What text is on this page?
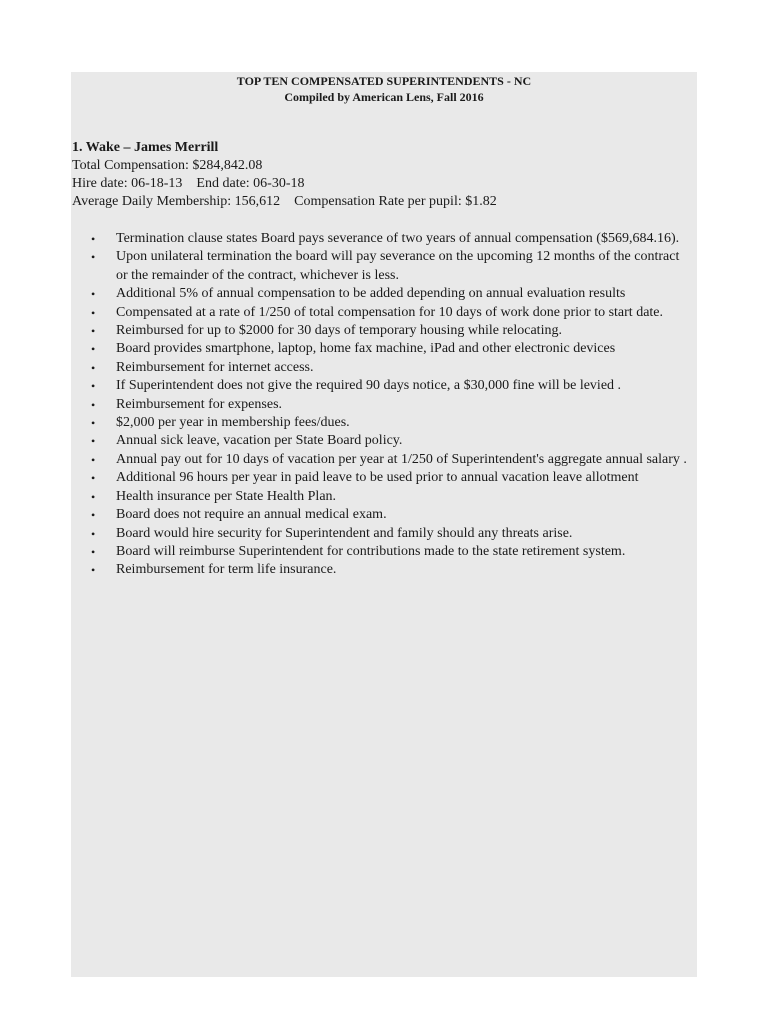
TOP TEN COMPENSATED SUPERINTENDENTS - NC
Compiled by American Lens, Fall 2016
1. Wake – James Merrill
Total Compensation: $284,842.08
Hire date: 06-18-13 End date: 06-30-18
Average Daily Membership: 156,612 Compensation Rate per pupil: $1.82
• Termination clause states Board pays severance of two years of annual compensation ($569,684.16).
• Upon unilateral termination the board will pay severance on the upcoming 12 months of the contract or the remainder of the contract, whichever is less.
• Additional 5% of annual compensation to be added depending on annual evaluation results
• Compensated at a rate of 1/250 of total compensation for 10 days of work done prior to start date.
• Reimbursed for up to $2000 for 30 days of temporary housing while relocating.
• Board provides smartphone, laptop, home fax machine, iPad and other electronic devices
• Reimbursement for internet access.
• If Superintendent does not give the required 90 days notice, a $30,000 fine will be levied .
• Reimbursement for expenses.
• $2,000 per year in membership fees/dues.
• Annual sick leave, vacation per State Board policy.
• Annual pay out for 10 days of vacation per year at 1/250 of Superintendent's aggregate annual salary .
• Additional 96 hours per year in paid leave to be used prior to annual vacation leave allotment
• Health insurance per State Health Plan.
• Board does not require an annual medical exam.
• Board would hire security for Superintendent and family should any threats arise.
• Board will reimburse Superintendent for contributions made to the state retirement system.
• Reimbursement for term life insurance.
